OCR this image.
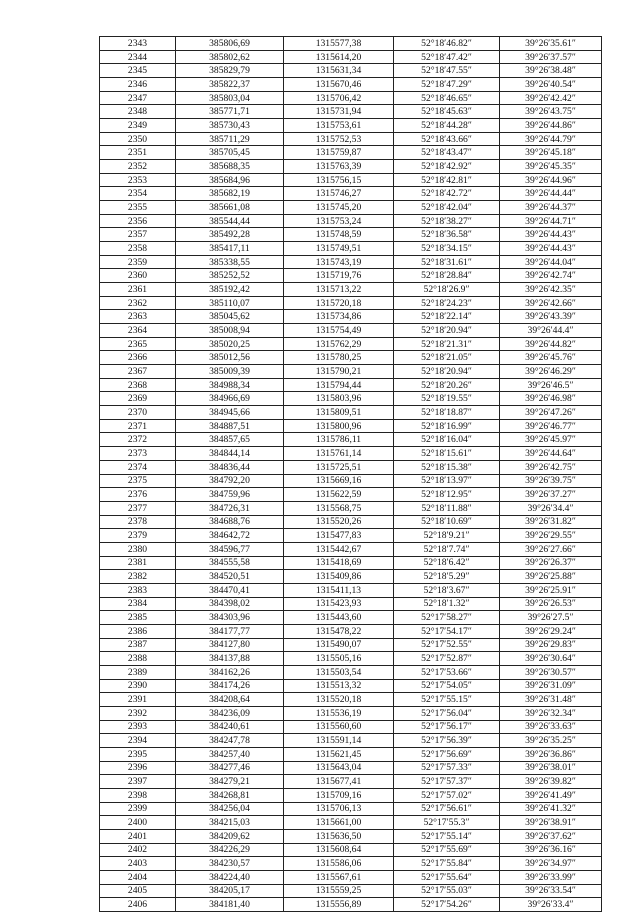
2343	385806,69	1315577,38	52°18′46.82″	39°26′35.61″
2344	385802,62	1315614,20	52°18′47.42″	39°26′37.57″
2345	385829,79	1315631,34	52°18′47.55″	39°26′38.48″
2346	385822,37	1315670,46	52°18′47.29″	39°26′40.54″
2347	385803,04	1315706,42	52°18′46.65″	39°26′42.42″
2348	385771,71	1315731,94	52°18′45.63″	39°26′43.75″
2349	385730,43	1315753,61	52°18′44.28″	39°26′44.86″
2350	385711,29	1315752,53	52°18′43.66″	39°26′44.79″
2351	385705,45	1315759,87	52°18′43.47″	39°26′45.18″
2352	385688,35	1315763,39	52°18′42.92″	39°26′45.35″
2353	385684,96	1315756,15	52°18′42.81″	39°26′44.96″
2354	385682,19	1315746,27	52°18′42.72″	39°26′44.44″
2355	385661,08	1315745,20	52°18′42.04″	39°26′44.37″
2356	385544,44	1315753,24	52°18′38.27″	39°26′44.71″
2357	385492,28	1315748,59	52°18′36.58″	39°26′44.43″
2358	385417,11	1315749,51	52°18′34.15″	39°26′44.43″
2359	385338,55	1315743,19	52°18′31.61″	39°26′44.04″
2360	385252,52	1315719,76	52°18′28.84″	39°26′42.74″
2361	385192,42	1315713,22	52°18′26.9″	39°26′42.35″
2362	385110,07	1315720,18	52°18′24.23″	39°26′42.66″
2363	385045,62	1315734,86	52°18′22.14″	39°26′43.39″
2364	385008,94	1315754,49	52°18′20.94″	39°26′44.4″
2365	385020,25	1315762,29	52°18′21.31″	39°26′44.82″
2366	385012,56	1315780,25	52°18′21.05″	39°26′45.76″
2367	385009,39	1315790,21	52°18′20.94″	39°26′46.29″
2368	384988,34	1315794,44	52°18′20.26″	39°26′46.5″
2369	384966,69	1315803,96	52°18′19.55″	39°26′46.98″
2370	384945,66	1315809,51	52°18′18.87″	39°26′47.26″
2371	384887,51	1315800,96	52°18′16.99″	39°26′46.77″
2372	384857,65	1315786,11	52°18′16.04″	39°26′45.97″
2373	384844,14	1315761,14	52°18′15.61″	39°26′44.64″
2374	384836,44	1315725,51	52°18′15.38″	39°26′42.75″
2375	384792,20	1315669,16	52°18′13.97″	39°26′39.75″
2376	384759,96	1315622,59	52°18′12.95″	39°26′37.27″
2377	384726,31	1315568,75	52°18′11.88″	39°26′34.4″
2378	384688,76	1315520,26	52°18′10.69″	39°26′31.82″
2379	384642,72	1315477,83	52°18′9.21″	39°26′29.55″
2380	384596,77	1315442,67	52°18′7.74″	39°26′27.66″
2381	384555,58	1315418,69	52°18′6.42″	39°26′26.37″
2382	384520,51	1315409,86	52°18′5.29″	39°26′25.88″
2383	384470,41	1315411,13	52°18′3.67″	39°26′25.91″
2384	384398,02	1315423,93	52°18′1.32″	39°26′26.53″
2385	384303,96	1315443,60	52°17′58.27″	39°26′27.5″
2386	384177,77	1315478,22	52°17′54.17″	39°26′29.24″
2387	384127,80	1315490,07	52°17′52.55″	39°26′29.83″
2388	384137,88	1315505,16	52°17′52.87″	39°26′30.64″
2389	384162,26	1315503,54	52°17′53.66″	39°26′30.57″
2390	384174,26	1315513,32	52°17′54.05″	39°26′31.09″
2391	384208,64	1315520,18	52°17′55.15″	39°26′31.48″
2392	384236,09	1315536,19	52°17′56.04″	39°26′32.34″
2393	384240,61	1315560,60	52°17′56.17″	39°26′33.63″
2394	384247,78	1315591,14	52°17′56.39″	39°26′35.25″
2395	384257,40	1315621,45	52°17′56.69″	39°26′36.86″
2396	384277,46	1315643,04	52°17′57.33″	39°26′38.01″
2397	384279,21	1315677,41	52°17′57.37″	39°26′39.82″
2398	384268,81	1315709,16	52°17′57.02″	39°26′41.49″
2399	384256,04	1315706,13	52°17′56.61″	39°26′41.32″
2400	384215,03	1315661,00	52°17′55.3″	39°26′38.91″
2401	384209,62	1315636,50	52°17′55.14″	39°26′37.62″
2402	384226,29	1315608,64	52°17′55.69″	39°26′36.16″
2403	384230,57	1315586,06	52°17′55.84″	39°26′34.97″
2404	384224,40	1315567,61	52°17′55.64″	39°26′33.99″
2405	384205,17	1315559,25	52°17′55.03″	39°26′33.54″
2406	384181,40	1315556,89	52°17′54.26″	39°26′33.4″
